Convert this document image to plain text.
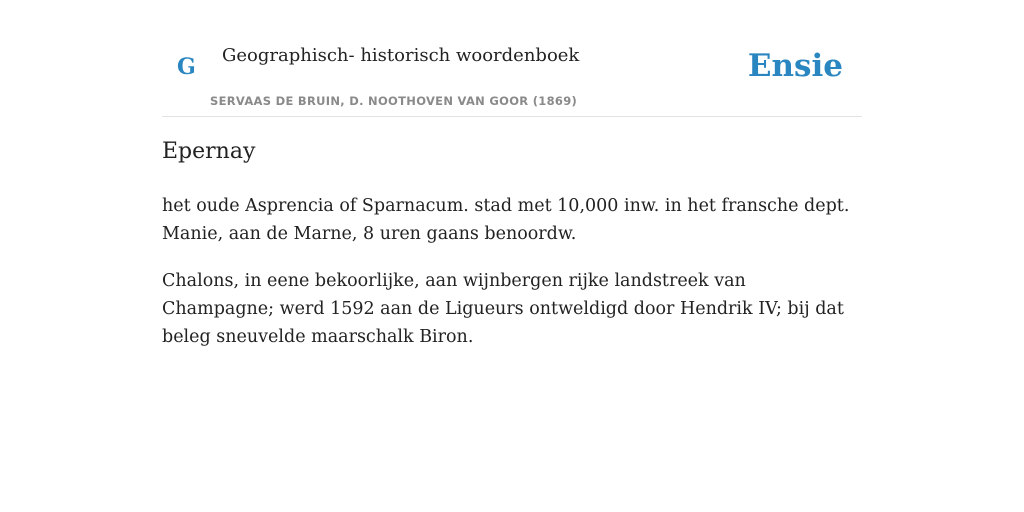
G Geographisch- historisch woordenboek
SERVAAS DE BRUIN, D. NOOTHOVEN VAN GOOR (1869)
Ensie
Epernay

het oude Asprencia of Sparnacum. stad met 10,000 inw. in het fransche dept. Manie, aan de Marne, 8 uren gaans benoordw.

Chalons, in eene bekoorlijke, aan wijnbergen rijke landstreek van Champagne; werd 1592 aan de Ligueurs ontweldigd door Hendrik IV; bij dat beleg sneuvelde maarschalk Biron.
